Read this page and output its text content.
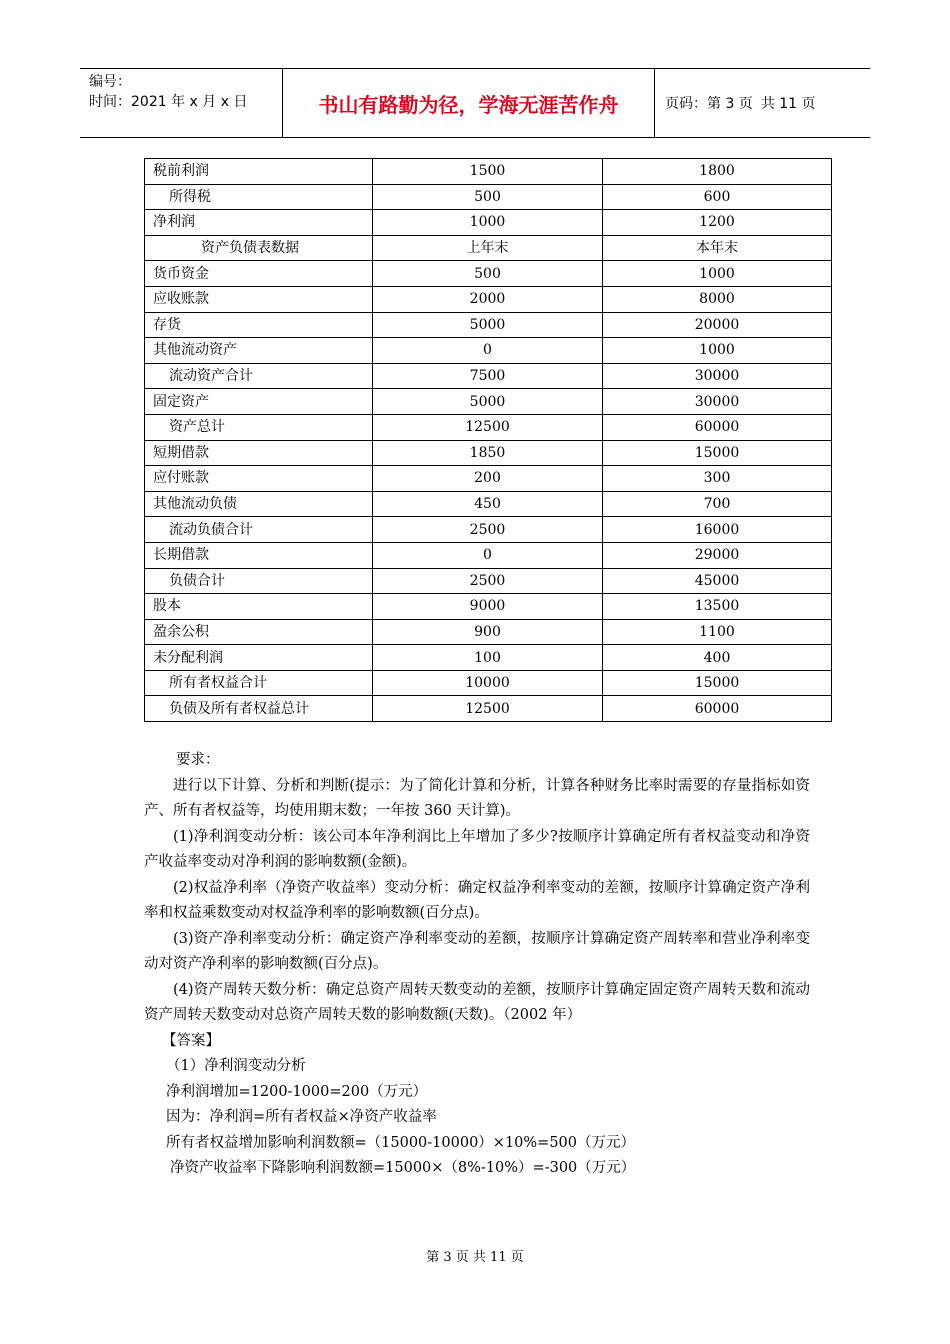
编号：
时间：2021 年 x 月 x 日	书山有路勤为径，学海无涯苦作舟	页码：第 3 页 共 11 页
税前利润	1500	1800
所得税	500	600
净利润	1000	1200
资产负债表数据	上年末	本年末
货币资金	500	1000
应收账款	2000	8000
存货	5000	20000
其他流动资产	0	1000
流动资产合计	7500	30000
固定资产	5000	30000
资产总计	12500	60000
短期借款	1850	15000
应付账款	200	300
其他流动负债	450	700
流动负债合计	2500	16000
长期借款	0	29000
负债合计	2500	45000
股本	9000	13500
盈余公积	900	1100
未分配利润	100	400
所有者权益合计	10000	15000
负债及所有者权益总计	12500	60000

要求：

进行以下计算、分析和判断(提示：为了简化计算和分析，计算各种财务比率时需要的存量指标如资产、所有者权益等，均使用期末数；一年按 360 天计算)。

(1)净利润变动分析：该公司本年净利润比上年增加了多少?按顺序计算确定所有者权益变动和净资产收益率变动对净利润的影响数额(金额)。

(2)权益净利率（净资产收益率）变动分析：确定权益净利率变动的差额，按顺序计算确定资产净利率和权益乘数变动对权益净利率的影响数额(百分点)。

(3)资产净利率变动分析：确定资产净利率变动的差额，按顺序计算确定资产周转率和营业净利率变动对资产净利率的影响数额(百分点)。

(4)资产周转天数分析：确定总资产周转天数变动的差额，按顺序计算确定固定资产周转天数和流动资产周转天数变动对总资产周转天数的影响数额(天数)。（2002 年）

【答案】

（1）净利润变动分析

净利润增加=1200-1000=200（万元）

因为：净利润=所有者权益×净资产收益率

所有者权益增加影响利润数额=（15000-10000）×10%=500（万元）

净资产收益率下降影响利润数额=15000×（8%-10%）=-300（万元）

第 3 页 共 11 页
